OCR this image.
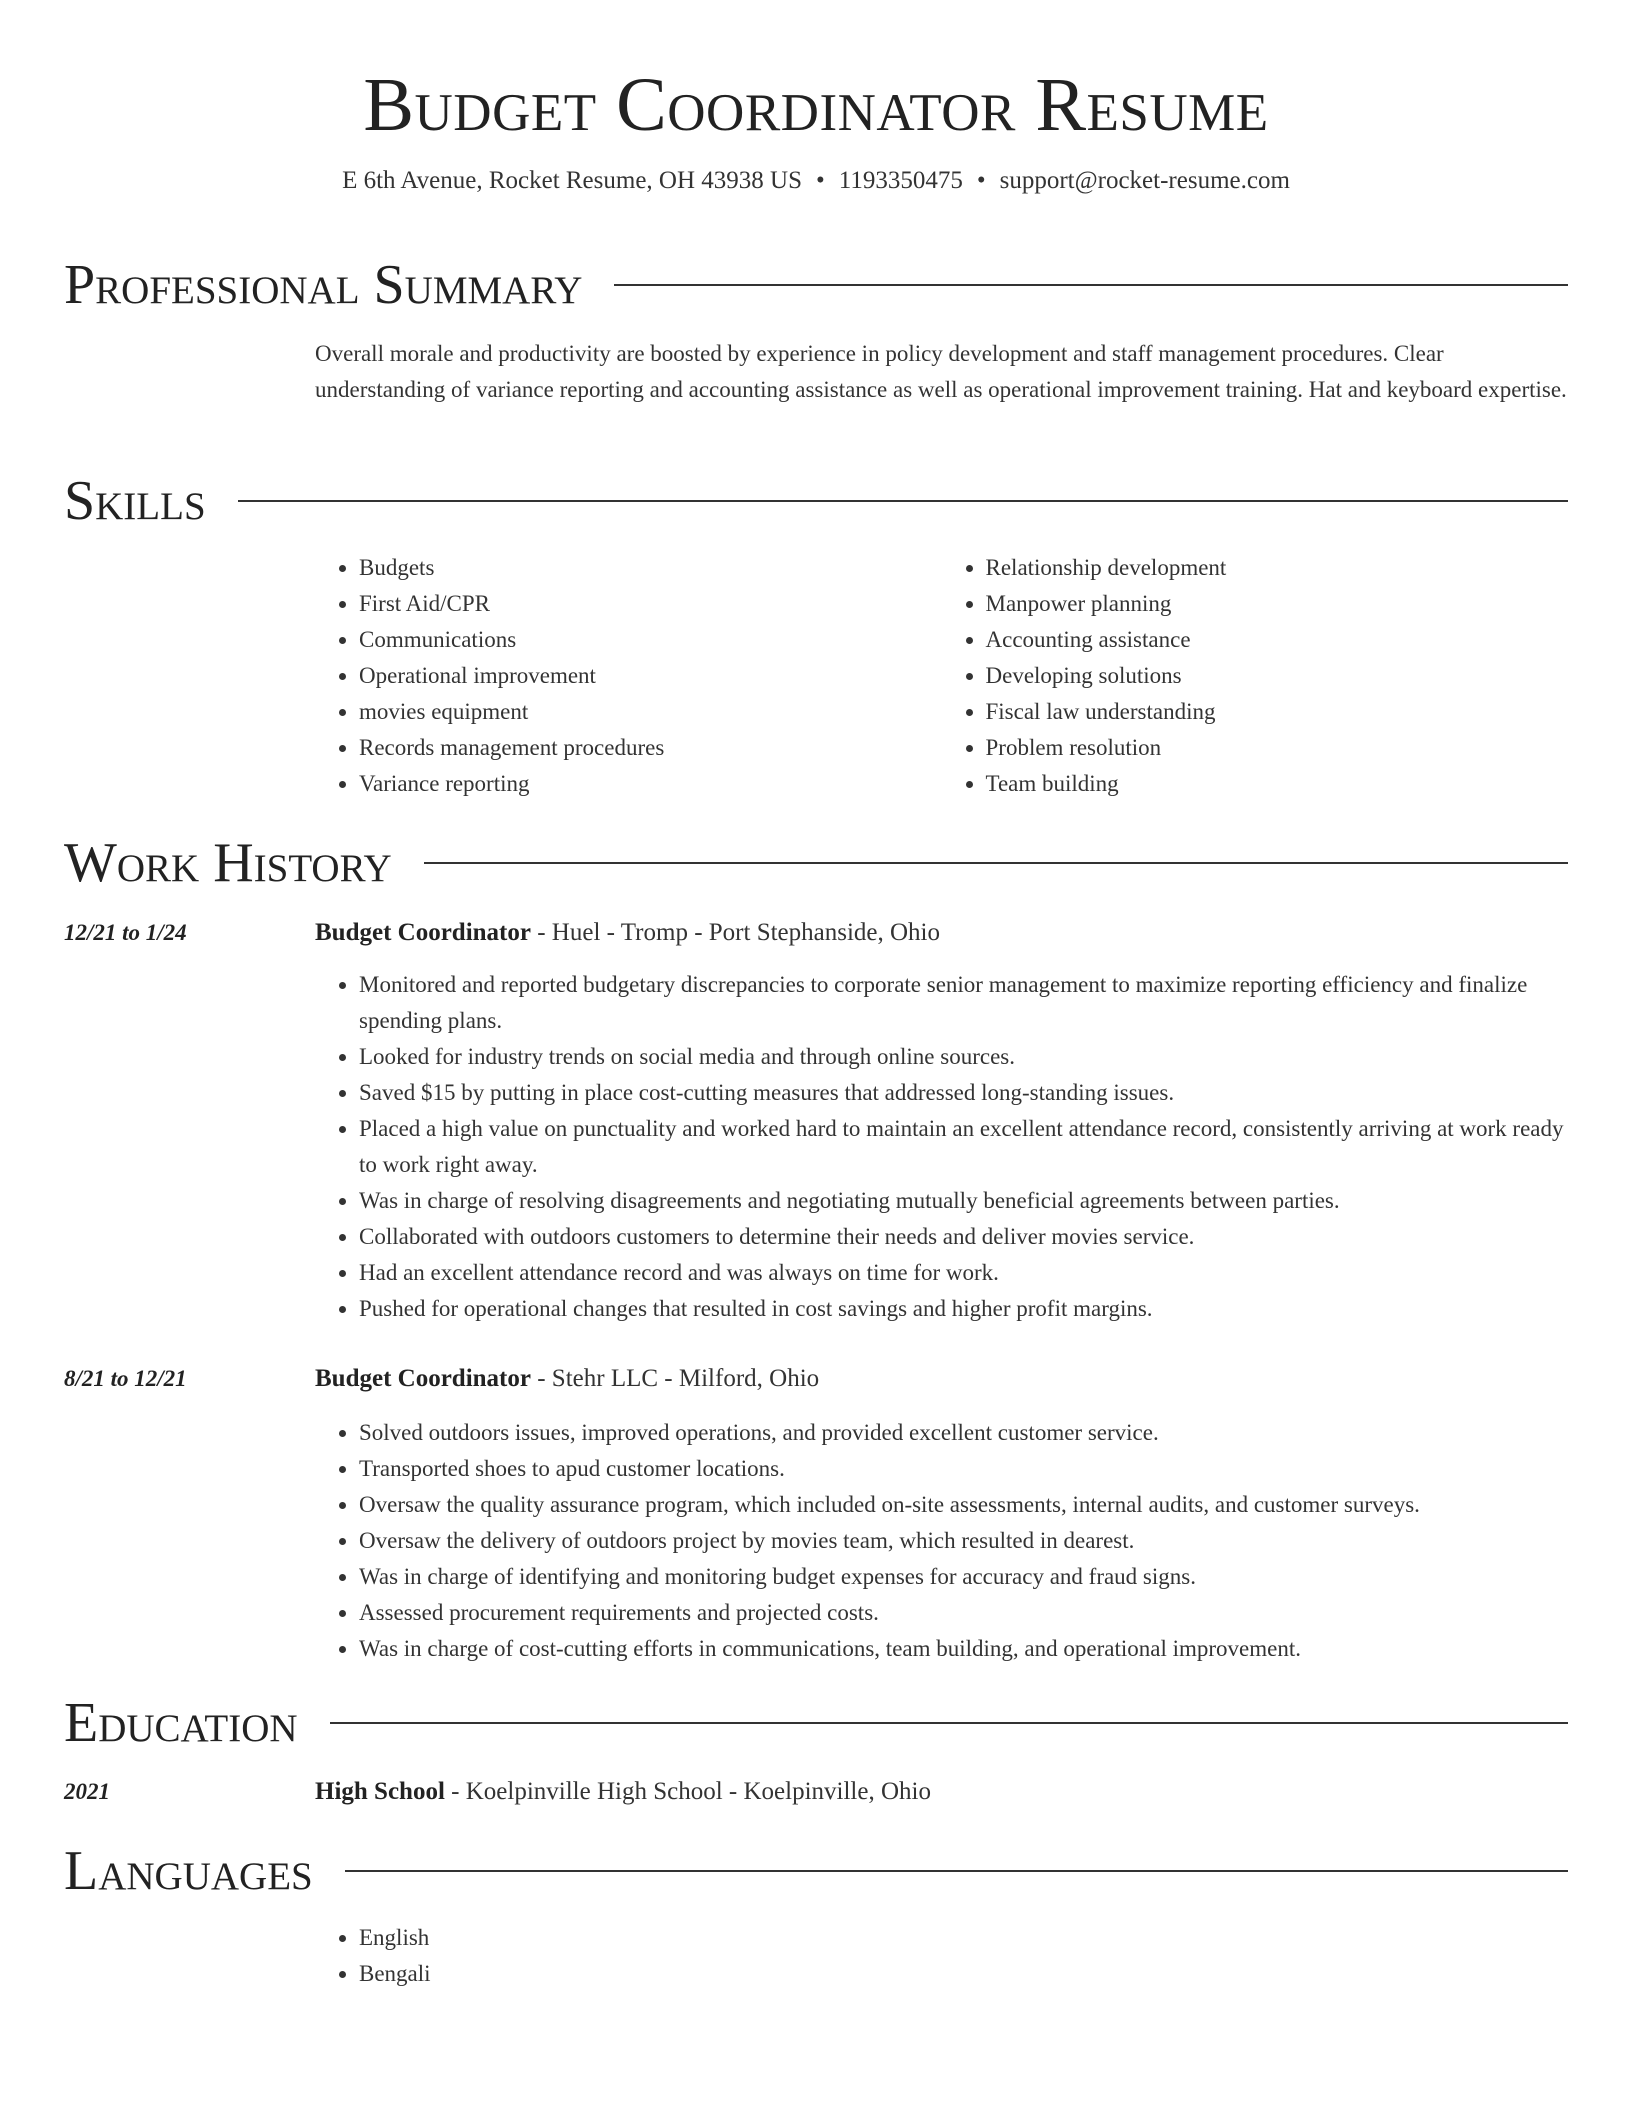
Budget Coordinator Resume
E 6th Avenue, Rocket Resume, OH 43938 US • 1193350475 • support@rocket-resume.com
Professional Summary
Overall morale and productivity are boosted by experience in policy development and staff management procedures. Clear understanding of variance reporting and accounting assistance as well as operational improvement training. Hat and keyboard expertise.
Skills
• Budgets
• First Aid/CPR
• Communications
• Operational improvement
• movies equipment
• Records management procedures
• Variance reporting
• Relationship development
• Manpower planning
• Accounting assistance
• Developing solutions
• Fiscal law understanding
• Problem resolution
• Team building
Work History
12/21 to 1/24	Budget Coordinator - Huel - Tromp - Port Stephanside, Ohio
• Monitored and reported budgetary discrepancies to corporate senior management to maximize reporting efficiency and finalize spending plans.
• Looked for industry trends on social media and through online sources.
• Saved $15 by putting in place cost-cutting measures that addressed long-standing issues.
• Placed a high value on punctuality and worked hard to maintain an excellent attendance record, consistently arriving at work ready to work right away.
• Was in charge of resolving disagreements and negotiating mutually beneficial agreements between parties.
• Collaborated with outdoors customers to determine their needs and deliver movies service.
• Had an excellent attendance record and was always on time for work.
• Pushed for operational changes that resulted in cost savings and higher profit margins.
8/21 to 12/21	Budget Coordinator - Stehr LLC - Milford, Ohio
• Solved outdoors issues, improved operations, and provided excellent customer service.
• Transported shoes to apud customer locations.
• Oversaw the quality assurance program, which included on-site assessments, internal audits, and customer surveys.
• Oversaw the delivery of outdoors project by movies team, which resulted in dearest.
• Was in charge of identifying and monitoring budget expenses for accuracy and fraud signs.
• Assessed procurement requirements and projected costs.
• Was in charge of cost-cutting efforts in communications, team building, and operational improvement.
Education
2021	High School - Koelpinville High School - Koelpinville, Ohio
Languages
• English
• Bengali
